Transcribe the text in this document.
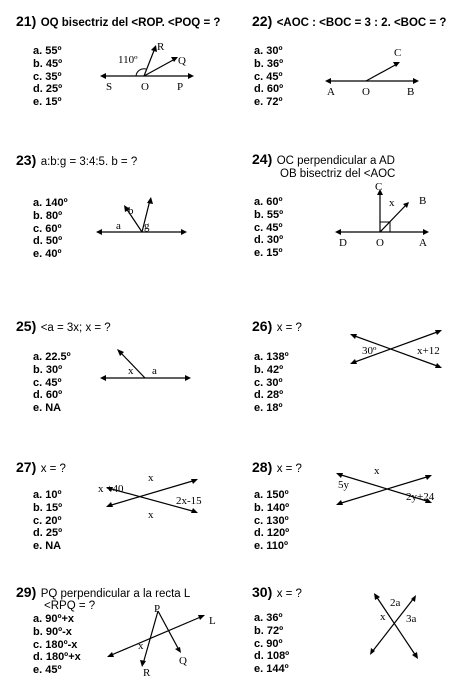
21) OQ bisectriz del <ROP. <POQ = ?
a. 55º
b. 45º
c. 35º
d. 25º
e. 15º
110º
S	O	P
R
Q
22) <AOC : <BOC = 3 : 2. <BOC = ?
a. 30º
b. 36º
c. 45º
d. 60º
e. 72º
A O	B
C
23) a:b:g = 3:4:5. b = ?
a. 140º
b. 80º
c. 60º
d. 50º
e. 40º
a
b
g
24) OC perpendicular a AD
OB bisectriz del <AOC
a. 60º
b. 55º
c. 45º
d. 30º
e. 15º
C
x B
D	O	A
25) <a = 3x; x = ?
a. 22.5º
b. 30º
c. 45º
d. 60º
e. NA
x a
26) x = ?
a. 138º
b. 42º
c. 30º
d. 28º
e. 18º
30º	x+12
27) x = ?
a. 10º
b. 15º
c. 20º
d. 25º
e. NA
x
x +40
2x-15
x
28) x = ?
a. 150º
b. 140º
c. 130º
d. 120º
e. 110º
x
5y
2y+24
29) PQ perpendicular a la recta L
<RPQ = ?
a. 90º+x
b. 90º-x
c. 180º-x
d. 180º+x
e. 45º
P
L
x
R
Q
30) x = ?
a. 36º
b. 72º
c. 90º
d. 108º
e. 144º
2a
x 3a
